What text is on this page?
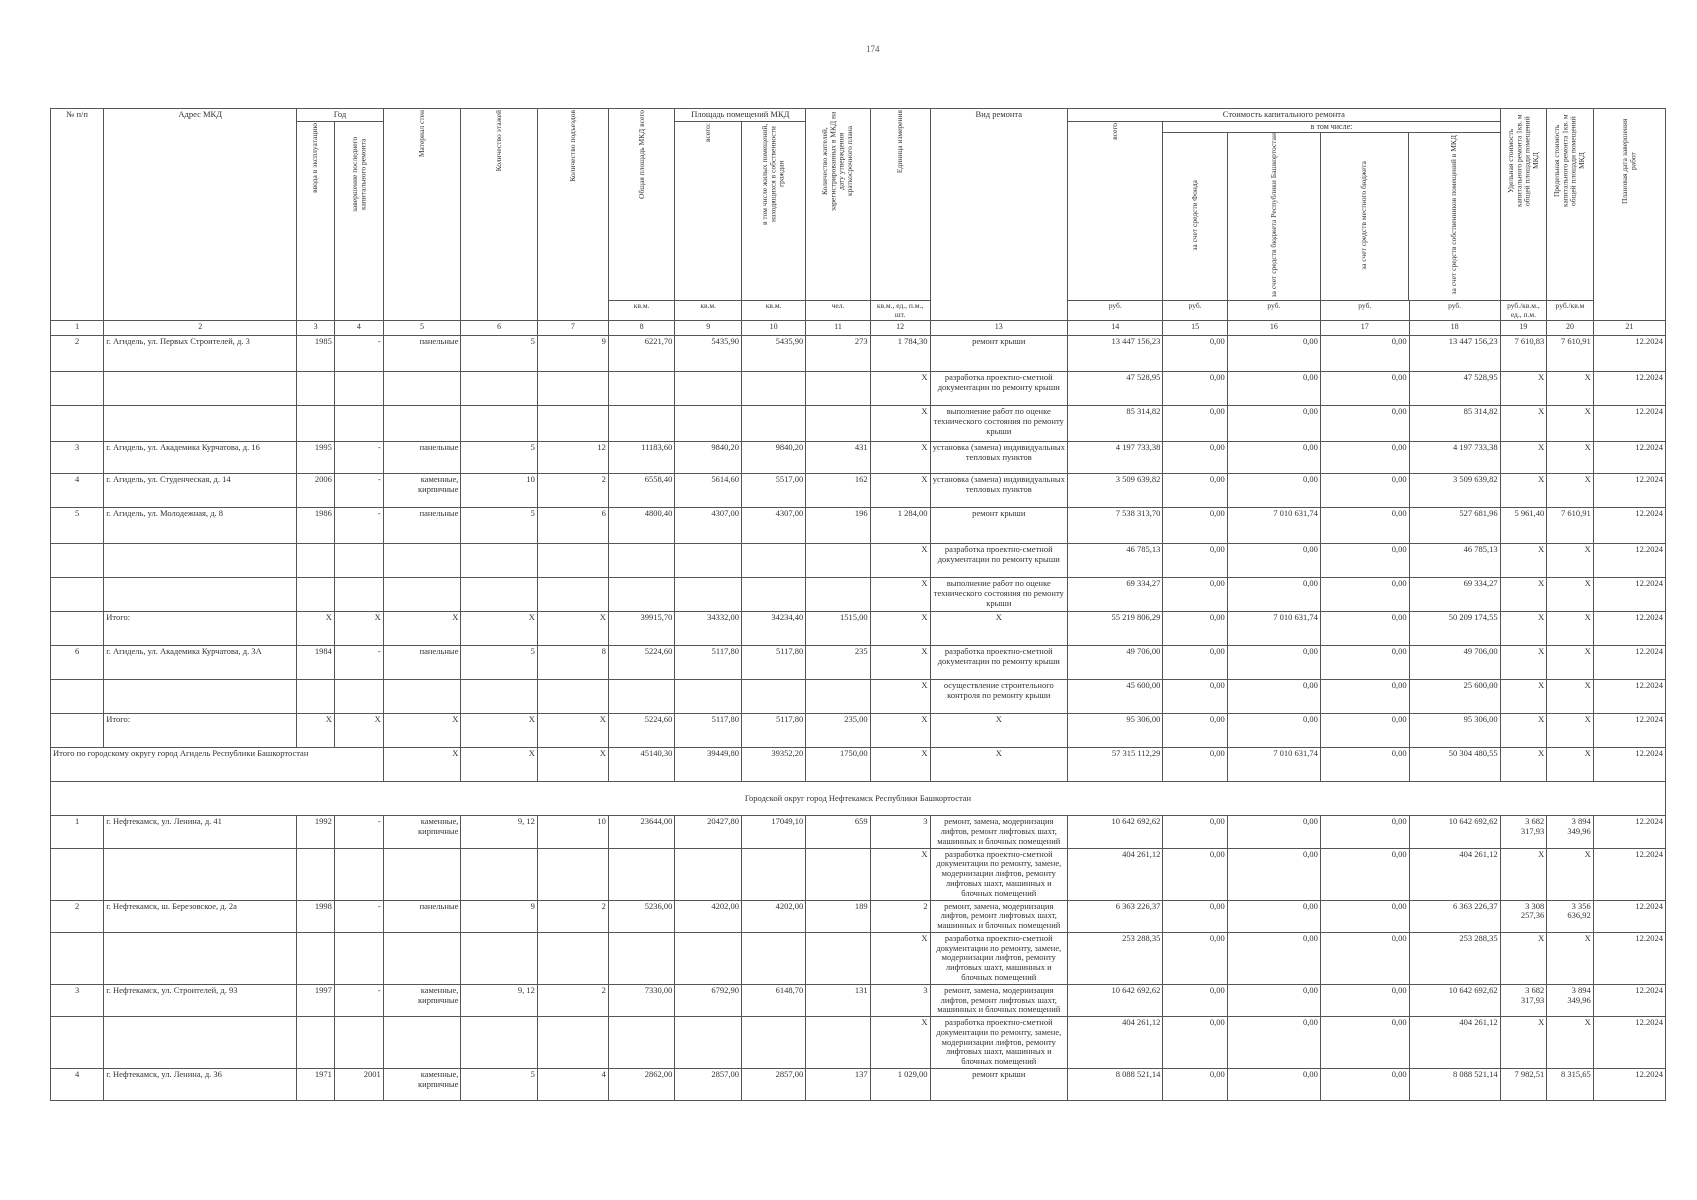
174
№ п/п	Адрес МКД	Год	Материал стен	Количество этажей	Количество подъездов	Общая площадь МКД всего	Площадь помещений МКД	Количество жителей, зарегистрированных в МКД на дату утверждения краткосрочного плана	Единица измерения	Вид ремонта	Стоимость капитального ремонта	Удельная стоимость капитального ремонта 1кв. м общей площади помещений МКД	Предельная стоимость капитального ремонта 1кв. м общей площади помещений МКД	Плановая дата завершения работ
ввода в эксплуатацию	завершение последнего капитального ремонта	всего:	в том числе жилых помещений, находящихся в собственности граждан	всего	в том числе:
за счет средств Фонда	за счет средств бюджета Республики Башкортостан	за счет средств местного бюджета	за счет средств собственников помещений в МКД

кв.м.	кв.м.	кв.м.	чел.	кв.м., ед., п.м., шт.	руб.	руб.	руб.	руб.	руб.	руб./кв.м., ед., п.м.	руб./кв.м
1	2	3	4	5	6	7	8	9	10	11	12	13	14	15	16	17	18	19	20	21
2	г. Агидель, ул. Первых Строителей, д. 3	1985	-	панельные	5	9	6221,70	5435,90	5435,90	273	1 784,30	ремонт крыши	13 447 156,23	0,00	0,00	0,00	13 447 156,23	7 610,83	7 610,91	12.2024
											X	разработка проектно-сметной документации по ремонту крыши	47 528,95	0,00	0,00	0,00	47 528,95	X	X	12.2024
											X	выполнение работ по оценке технического состояния по ремонту крыши	85 314,82	0,00	0,00	0,00	85 314,82	X	X	12.2024
3	г. Агидель, ул. Академика Курчатова, д. 16	1995	-	панельные	5	12	11183,60	9840,20	9840,20	431	X	установка (замена) индивидуальных тепловых пунктов	4 197 733,38	0,00	0,00	0,00	4 197 733,38	X	X	12.2024
4	г. Агидель, ул. Студенческая, д. 14	2006	-	каменные, кирпичные	10	2	6558,40	5614,60	5517,00	162	X	установка (замена) индивидуальных тепловых пунктов	3 509 639,82	0,00	0,00	0,00	3 509 639,82	X	X	12.2024
5	г. Агидель, ул. Молодежная, д. 8	1986	-	панельные	5	6	4800,40	4307,00	4307,00	196	1 284,00	ремонт крыши	7 538 313,70	0,00	7 010 631,74	0,00	527 681,96	5 961,40	7 610,91	12.2024
											X	разработка проектно-сметной документации по ремонту крыши	46 785,13	0,00	0,00	0,00	46 785,13	X	X	12.2024
											X	выполнение работ по оценке технического состояния по ремонту крыши	69 334,27	0,00	0,00	0,00	69 334,27	X	X	12.2024
	Итого:	X	X	X	X	X	39915,70	34332,00	34234,40	1515,00	X	X	55 219 806,29	0,00	7 010 631,74	0,00	50 209 174,55	X	X	12.2024
6	г. Агидель, ул. Академика Курчатова, д. 3А	1984	-	панельные	5	8	5224,60	5117,80	5117,80	235	X	разработка проектно-сметной документации по ремонту крыши	49 706,00	0,00	0,00	0,00	49 706,00	X	X	12.2024
											X	осуществление строительного контроля по ремонту крыши	45 600,00	0,00	0,00	0,00	25 600,00	X	X	12.2024
	Итого:	X	X	X	X	X	5224,60	5117,80	5117,80	235,00	X	X	95 306,00	0,00	0,00	0,00	95 306,00	X	X	12.2024
Итого по городскому округу город Агидель Республики Башкортостан	X	X	X	45140,30	39449,80	39352,20	1750,00	X	X	57 315 112,29	0,00	7 010 631,74	0,00	50 304 480,55	X	X	12.2024
Городской округ город Нефтекамск Республики Башкортостан
1	г. Нефтекамск, ул. Ленина, д. 41	1992	-	каменные, кирпичные	9, 12	10	23644,00	20427,80	17049,10	659	3	ремонт, замена, модернизация лифтов, ремонт лифтовых шахт, машинных и блочных помещений	10 642 692,62	0,00	0,00	0,00	10 642 692,62	3 682 317,93	3 894 349,96	12.2024
											X	разработка проектно-сметной документации по ремонту, замене, модернизации лифтов, ремонту лифтовых шахт, машинных и блочных помещений	404 261,12	0,00	0,00	0,00	404 261,12	X	X	12.2024
2	г. Нефтекамск, ш. Березовское, д. 2а	1998	-	панельные	9	2	5236,00	4202,00	4202,00	189	2	ремонт, замена, модернизация лифтов, ремонт лифтовых шахт, машинных и блочных помещений	6 363 226,37	0,00	0,00	0,00	6 363 226,37	3 308 257,36	3 356 636,92	12.2024
											X	разработка проектно-сметной документации по ремонту, замене, модернизации лифтов, ремонту лифтовых шахт, машинных и блочных помещений	253 288,35	0,00	0,00	0,00	253 288,35	X	X	12.2024
3	г. Нефтекамск, ул. Строителей, д. 93	1997	-	каменные, кирпичные	9, 12	2	7330,00	6792,90	6148,70	131	3	ремонт, замена, модернизация лифтов, ремонт лифтовых шахт, машинных и блочных помещений	10 642 692,62	0,00	0,00	0,00	10 642 692,62	3 682 317,93	3 894 349,96	12.2024
											X	разработка проектно-сметной документации по ремонту, замене, модернизации лифтов, ремонту лифтовых шахт, машинных и блочных помещений	404 261,12	0,00	0,00	0,00	404 261,12	X	X	12.2024
4	г. Нефтекамск, ул. Ленина, д. 36	1971	2001	каменные, кирпичные	5	4	2862,00	2857,00	2857,00	137	1 029,00	ремонт крыши	8 088 521,14	0,00	0,00	0,00	8 088 521,14	7 982,51	8 315,65	12.2024
